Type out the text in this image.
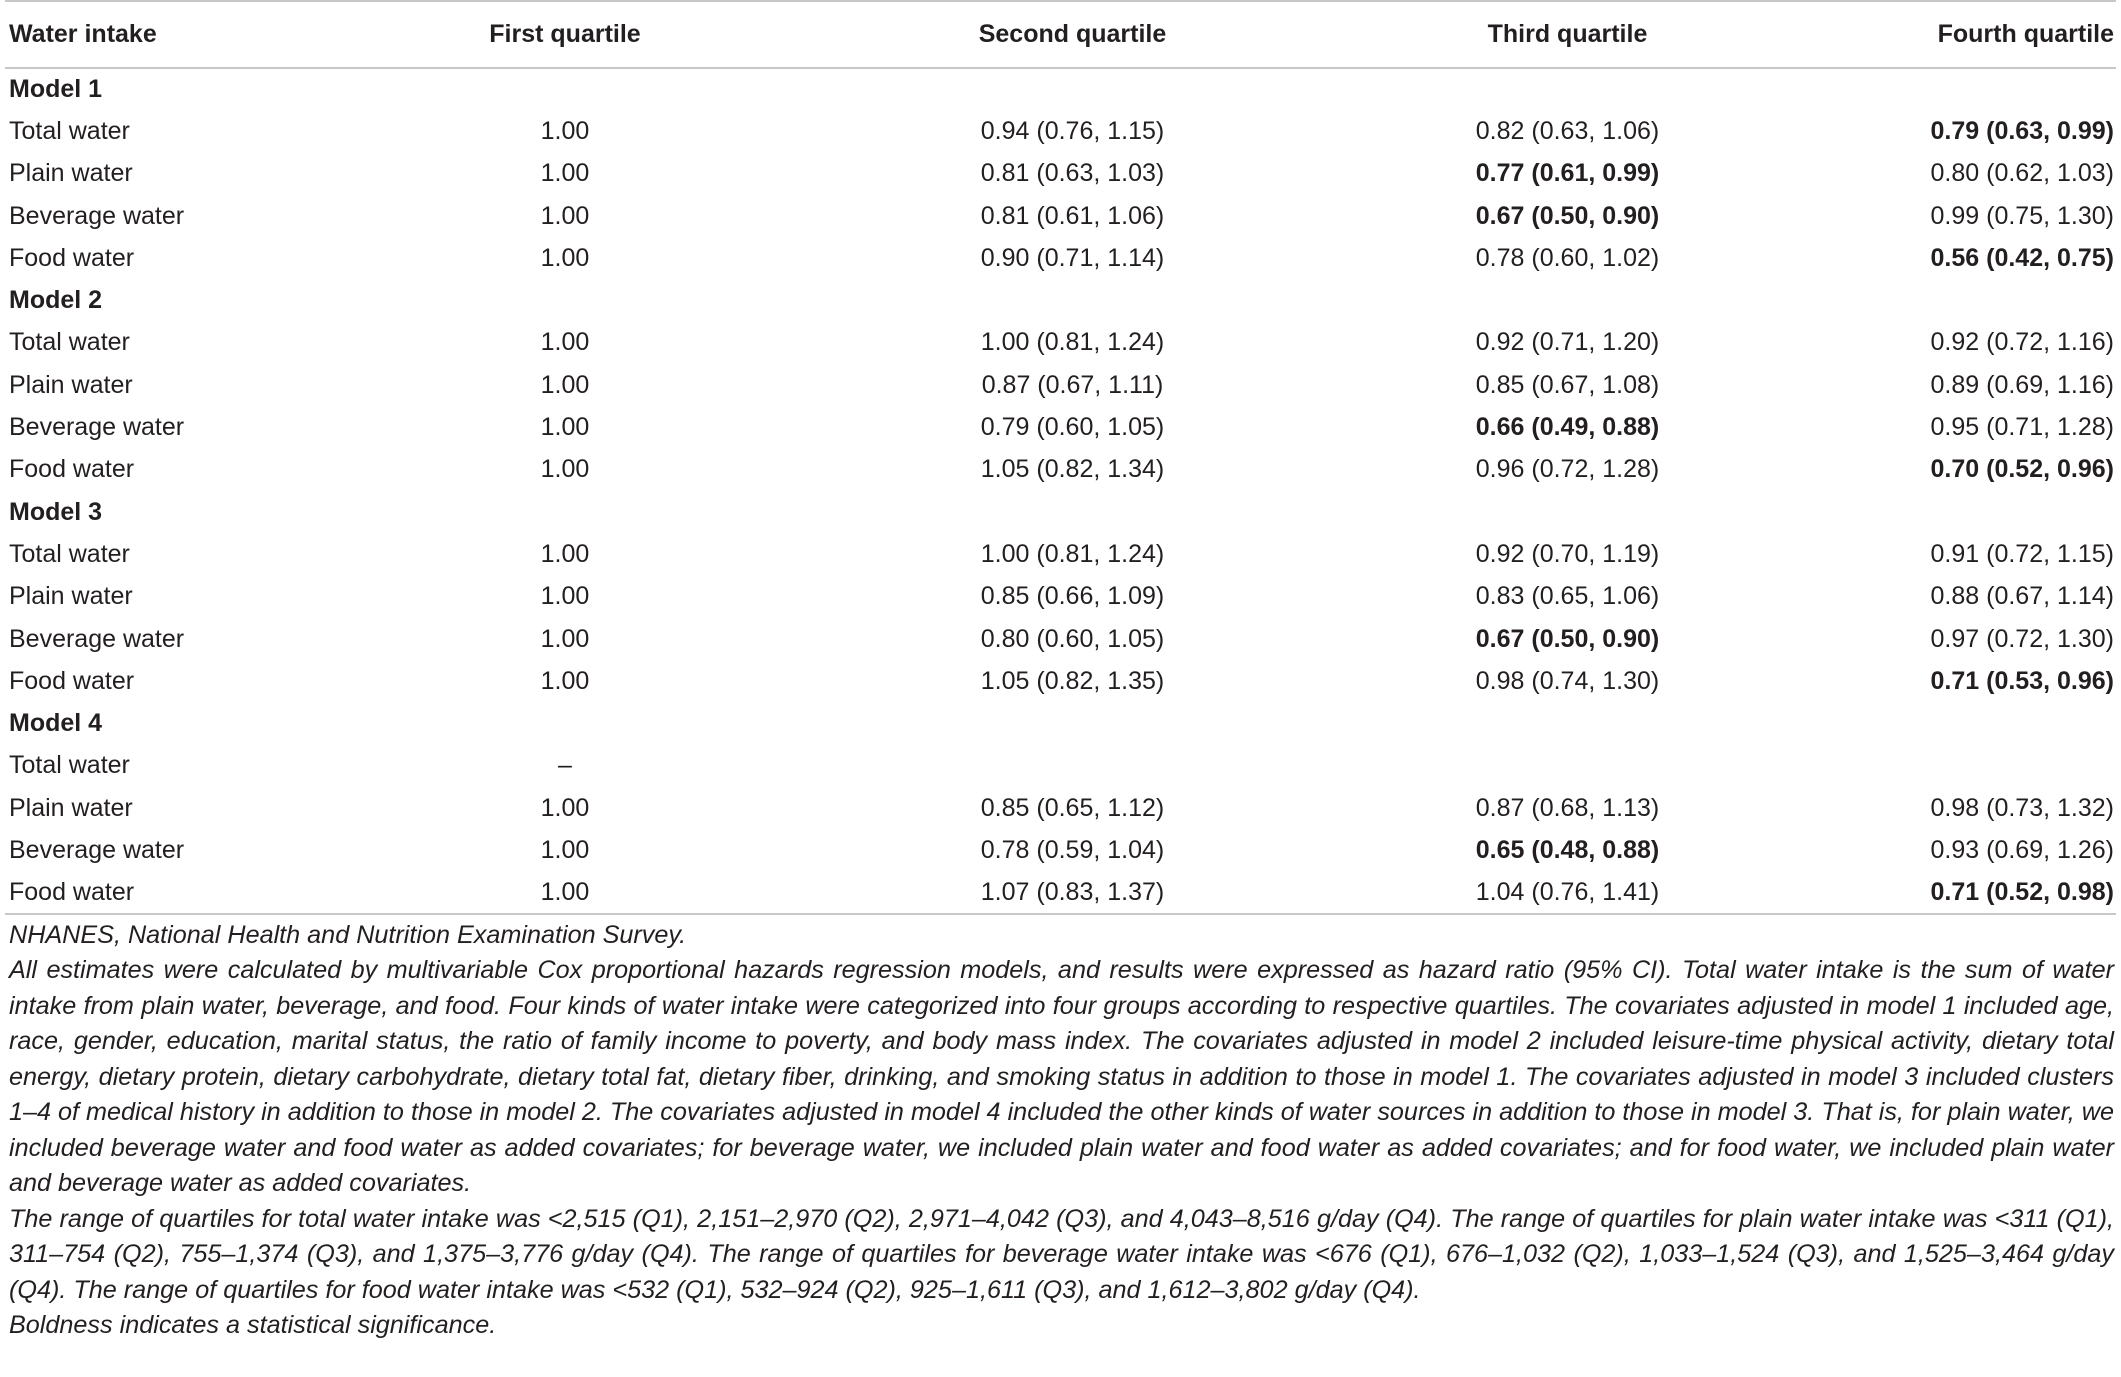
Water intake	First quartile	Second quartile	Third quartile	Fourth quartile
Model 1				
Total water	1.00	0.94 (0.76, 1.15)	0.82 (0.63, 1.06)	0.79 (0.63, 0.99)
Plain water	1.00	0.81 (0.63, 1.03)	0.77 (0.61, 0.99)	0.80 (0.62, 1.03)
Beverage water	1.00	0.81 (0.61, 1.06)	0.67 (0.50, 0.90)	0.99 (0.75, 1.30)
Food water	1.00	0.90 (0.71, 1.14)	0.78 (0.60, 1.02)	0.56 (0.42, 0.75)
Model 2				
Total water	1.00	1.00 (0.81, 1.24)	0.92 (0.71, 1.20)	0.92 (0.72, 1.16)
Plain water	1.00	0.87 (0.67, 1.11)	0.85 (0.67, 1.08)	0.89 (0.69, 1.16)
Beverage water	1.00	0.79 (0.60, 1.05)	0.66 (0.49, 0.88)	0.95 (0.71, 1.28)
Food water	1.00	1.05 (0.82, 1.34)	0.96 (0.72, 1.28)	0.70 (0.52, 0.96)
Model 3				
Total water	1.00	1.00 (0.81, 1.24)	0.92 (0.70, 1.19)	0.91 (0.72, 1.15)
Plain water	1.00	0.85 (0.66, 1.09)	0.83 (0.65, 1.06)	0.88 (0.67, 1.14)
Beverage water	1.00	0.80 (0.60, 1.05)	0.67 (0.50, 0.90)	0.97 (0.72, 1.30)
Food water	1.00	1.05 (0.82, 1.35)	0.98 (0.74, 1.30)	0.71 (0.53, 0.96)
Model 4				
Total water	–			
Plain water	1.00	0.85 (0.65, 1.12)	0.87 (0.68, 1.13)	0.98 (0.73, 1.32)
Beverage water	1.00	0.78 (0.59, 1.04)	0.65 (0.48, 0.88)	0.93 (0.69, 1.26)
Food water	1.00	1.07 (0.83, 1.37)	1.04 (0.76, 1.41)	0.71 (0.52, 0.98)

NHANES, National Health and Nutrition Examination Survey.

All estimates were calculated by multivariable Cox proportional hazards regression models, and results were expressed as hazard ratio (95% CI). Total water intake is the sum of water intake from plain water, beverage, and food. Four kinds of water intake were categorized into four groups according to respective quartiles. The covariates adjusted in model 1 included age, race, gender, education, marital status, the ratio of family income to poverty, and body mass index. The covariates adjusted in model 2 included leisure-time physical activity, dietary total energy, dietary protein, dietary carbohydrate, dietary total fat, dietary fiber, drinking, and smoking status in addition to those in model 1. The covariates adjusted in model 3 included clusters 1–4 of medical history in addition to those in model 2. The covariates adjusted in model 4 included the other kinds of water sources in addition to those in model 3. That is, for plain water, we included beverage water and food water as added covariates; for beverage water, we included plain water and food water as added covariates; and for food water, we included plain water and beverage water as added covariates.

The range of quartiles for total water intake was <2,515 (Q1), 2,151–2,970 (Q2), 2,971–4,042 (Q3), and 4,043–8,516 g/day (Q4). The range of quartiles for plain water intake was <311 (Q1), 311–754 (Q2), 755–1,374 (Q3), and 1,375–3,776 g/day (Q4). The range of quartiles for beverage water intake was <676 (Q1), 676–1,032 (Q2), 1,033–1,524 (Q3), and 1,525–3,464 g/day (Q4). The range of quartiles for food water intake was <532 (Q1), 532–924 (Q2), 925–1,611 (Q3), and 1,612–3,802 g/day (Q4).

Boldness indicates a statistical significance.
